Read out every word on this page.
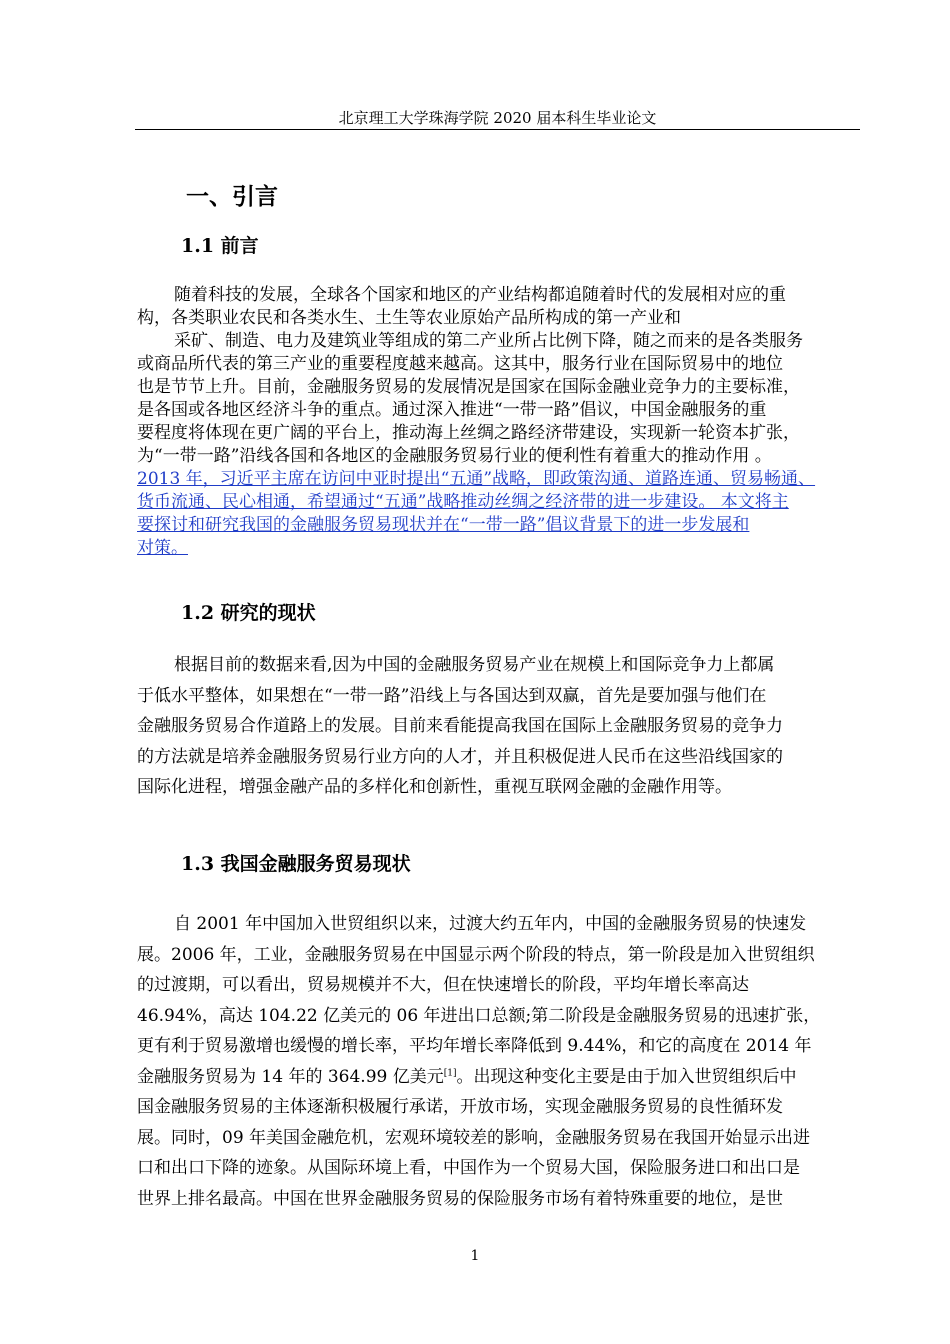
北京理工大学珠海学院 2020 届本科生毕业论文
一、引言
1.1 前言
随着科技的发展，全球各个国家和地区的产业结构都追随着时代的发展相对应的重
构，各类职业农民和各类水生、土生等农业原始产品所构成的第一产业和
采矿、制造、电力及建筑业等组成的第二产业所占比例下降，随之而来的是各类服务
或商品所代表的第三产业的重要程度越来越高。这其中，服务行业在国际贸易中的地位
也是节节上升。目前，金融服务贸易的发展情况是国家在国际金融业竞争力的主要标准，
是各国或各地区经济斗争的重点。通过深入推进“一带一路”倡议，中国金融服务的重
要程度将体现在更广阔的平台上，推动海上丝绸之路经济带建设，实现新一轮资本扩张，
为“一带一路”沿线各国和各地区的金融服务贸易行业的便利性有着重大的推动作用 。
2013 年，习近平主席在访问中亚时提出“五通”战略，即政策沟通、道路连通、贸易畅通、
货币流通、民心相通，希望通过“五通”战略推动丝绸之经济带的进一步建设。 本文将主
要探讨和研究我国的金融服务贸易现状并在“一带一路”倡议背景下的进一步发展和
对策。
1.2 研究的现状
根据目前的数据来看,因为中国的金融服务贸易产业在规模上和国际竞争力上都属
于低水平整体，如果想在“一带一路”沿线上与各国达到双赢，首先是要加强与他们在
金融服务贸易合作道路上的发展。目前来看能提高我国在国际上金融服务贸易的竞争力
的方法就是培养金融服务贸易行业方向的人才，并且积极促进人民币在这些沿线国家的
国际化进程，增强金融产品的多样化和创新性，重视互联网金融的金融作用等。
1.3 我国金融服务贸易现状
自 2001 年中国加入世贸组织以来，过渡大约五年内，中国的金融服务贸易的快速发
展。2006 年，工业，金融服务贸易在中国显示两个阶段的特点，第一阶段是加入世贸组织
的过渡期，可以看出，贸易规模并不大，但在快速增长的阶段，平均年增长率高达
46.94%，高达 104.22 亿美元的 06 年进出口总额;第二阶段是金融服务贸易的迅速扩张，
更有利于贸易激增也缓慢的增长率，平均年增长率降低到 9.44%，和它的高度在 2014 年
金融服务贸易为 14 年的 364.99 亿美元[1]。出现这种变化主要是由于加入世贸组织后中
国金融服务贸易的主体逐渐积极履行承诺，开放市场，实现金融服务贸易的良性循环发
展。同时，09 年美国金融危机，宏观环境较差的影响，金融服务贸易在我国开始显示出进
口和出口下降的迹象。从国际环境上看，中国作为一个贸易大国，保险服务进口和出口是
世界上排名最高。中国在世界金融服务贸易的保险服务市场有着特殊重要的地位，是世
1
